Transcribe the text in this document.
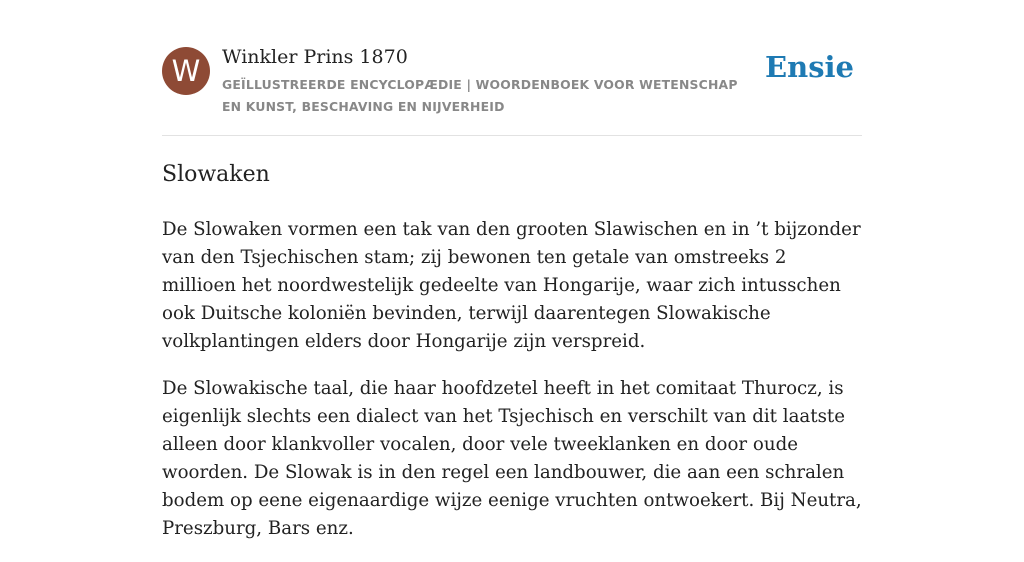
W	Winkler Prins 1870
GEÏLLUSTREERDE ENCYCLOPÆDIE | WOORDENBOEK VOOR WETENSCHAP EN KUNST, BESCHAVING EN NIJVERHEID
Ensie
Slowaken

De Slowaken vormen een tak van den grooten Slawischen en in ’t bijzonder van den Tsjechischen stam; zij bewonen ten getale van omstreeks 2 millioen het noordwestelijk gedeelte van Hongarije, waar zich intusschen ook Duitsche koloniën bevinden, terwijl daarentegen Slowakische volkplantingen elders door Hongarije zijn verspreid.

De Slowakische taal, die haar hoofdzetel heeft in het comitaat Thurocz, is eigenlijk slechts een dialect van het Tsjechisch en verschilt van dit laatste alleen door klankvoller vocalen, door vele tweeklanken en door oude woorden. De Slowak is in den regel een landbouwer, die aan een schralen bodem op eene eigenaardige wijze eenige vruchten ontwoekert. Bij Neutra, Preszburg, Bars enz.
